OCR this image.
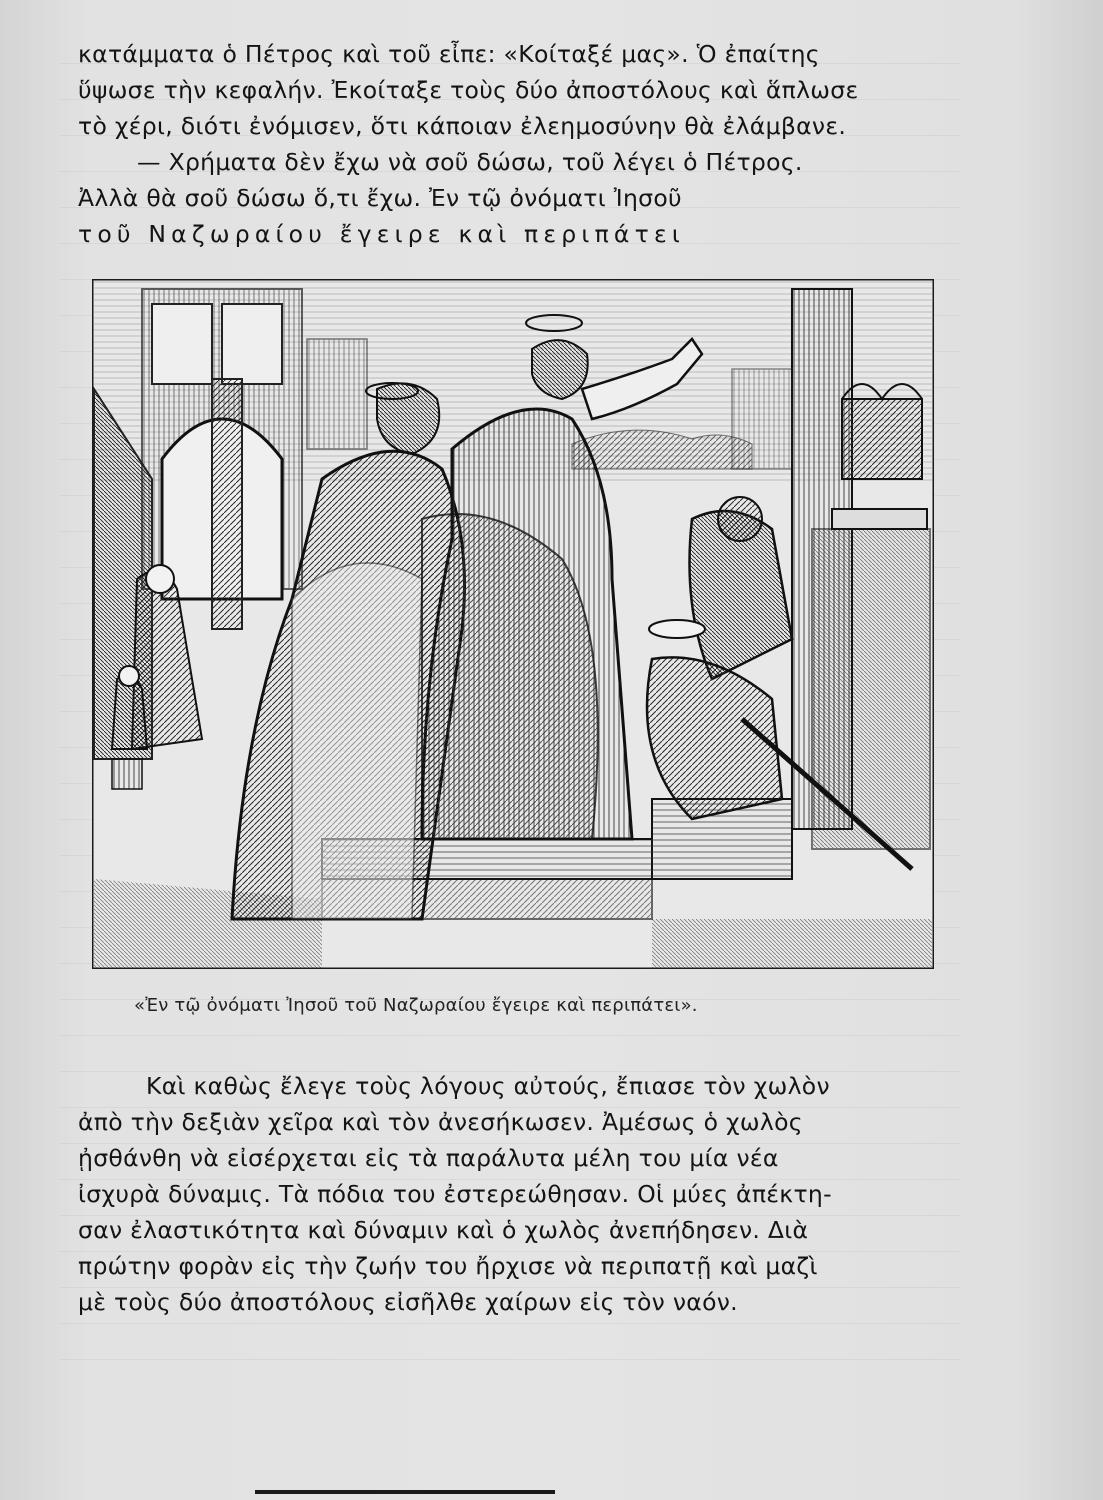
κατάμματα ὁ Πέτρος καὶ τοῦ εἶπε: «Κοίταξέ μας». Ὁ ἐπαίτης
ὕψωσε τὴν κεφαλήν. Ἐκοίταξε τοὺς δύο ἀποστόλους καὶ ἅπλωσε
τὸ χέρι, διότι ἐνόμισεν, ὅτι κάποιαν ἐλεημοσύνην θὰ ἐλάμβανε.
— Χρήματα δὲν ἔχω νὰ σοῦ δώσω, τοῦ λέγει ὁ Πέτρος.
Ἀλλὰ θὰ σοῦ δώσω ὅ,τι ἔχω. Ἐν τῷ ὀνόματι Ἰησοῦ
τοῦ Ναζωραίου ἔγειρε καὶ περιπάτει
«Ἐν τῷ ὀνόματι Ἰησοῦ τοῦ Ναζωραίου ἔγειρε καὶ περιπάτει».
Καὶ καθὼς ἔλεγε τοὺς λόγους αὐτούς, ἔπιασε τὸν χωλὸν
ἀπὸ τὴν δεξιὰν χεῖρα καὶ τὸν ἀνεσήκωσεν. Ἀμέσως ὁ χωλὸς
ᾐσθάνθη νὰ εἰσέρχεται εἰς τὰ παράλυτα μέλη του μία νέα
ἰσχυρὰ δύναμις. Τὰ πόδια του ἐστερεώθησαν. Οἱ μύες ἀπέκτη-
σαν ἐλαστικότητα καὶ δύναμιν καὶ ὁ χωλὸς ἀνεπήδησεν. Διὰ
πρώτην φορὰν εἰς τὴν ζωήν του ἤρχισε νὰ περιπατῇ καὶ μαζὶ
μὲ τοὺς δύο ἀποστόλους εἰσῆλθε χαίρων εἰς τὸν ναόν.
